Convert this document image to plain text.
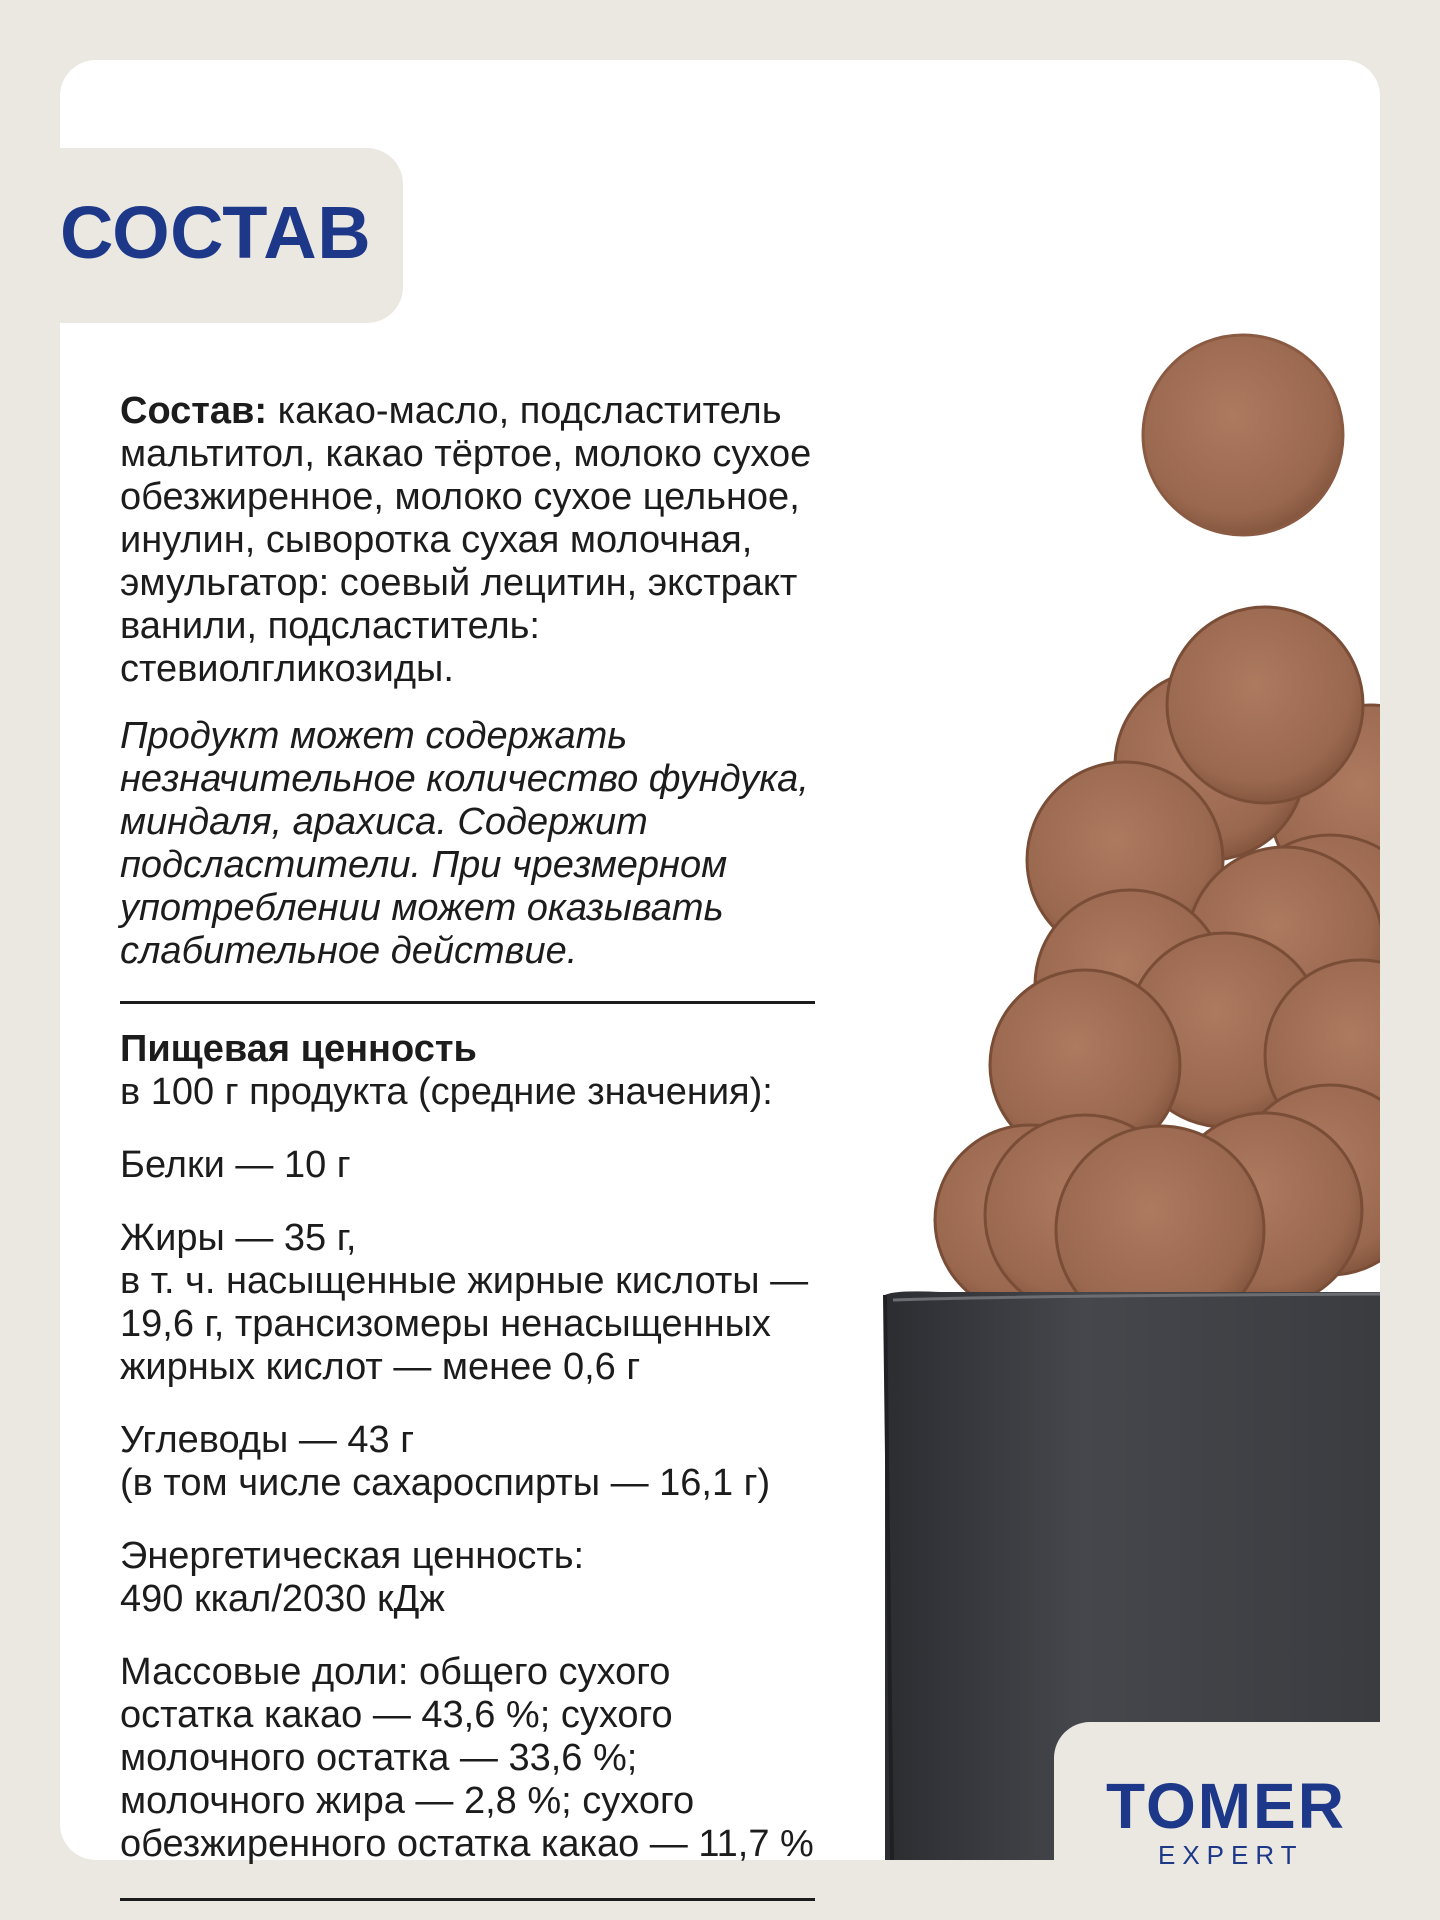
СОСТАВ

Состав: какао-масло, подсластитель мальтитол, какао тёртое, молоко сухое обезжиренное, молоко сухое цельное, инулин, сыворотка сухая молочная, эмульгатор: соевый лецитин, экстракт ванили, подсластитель: стевиолгликозиды.

Продукт может содержать незначительное количество фундука, миндаля, арахиса. Содержит подсластители. При чрезмерном употреблении может оказывать слабительное действие.

Пищевая ценность

в 100 г продукта (средние значения):

Белки — 10 г

Жиры — 35 г,

в т. ч. насыщенные жирные кислоты —

19,6 г, трансизомеры ненасыщенных

жирных кислот — менее 0,6 г

Углеводы — 43 г

(в том числе сахароспирты — 16,1 г)

Энергетическая ценность:

490 ккал/2030 кДж

Массовые доли: общего сухого

остатка какао — 43,6 %; сухого

молочного остатка — 33,6 %;

молочного жира — 2,8 %; сухого

обезжиренного остатка какао — 11,7 %

TOMER
EXPERT
